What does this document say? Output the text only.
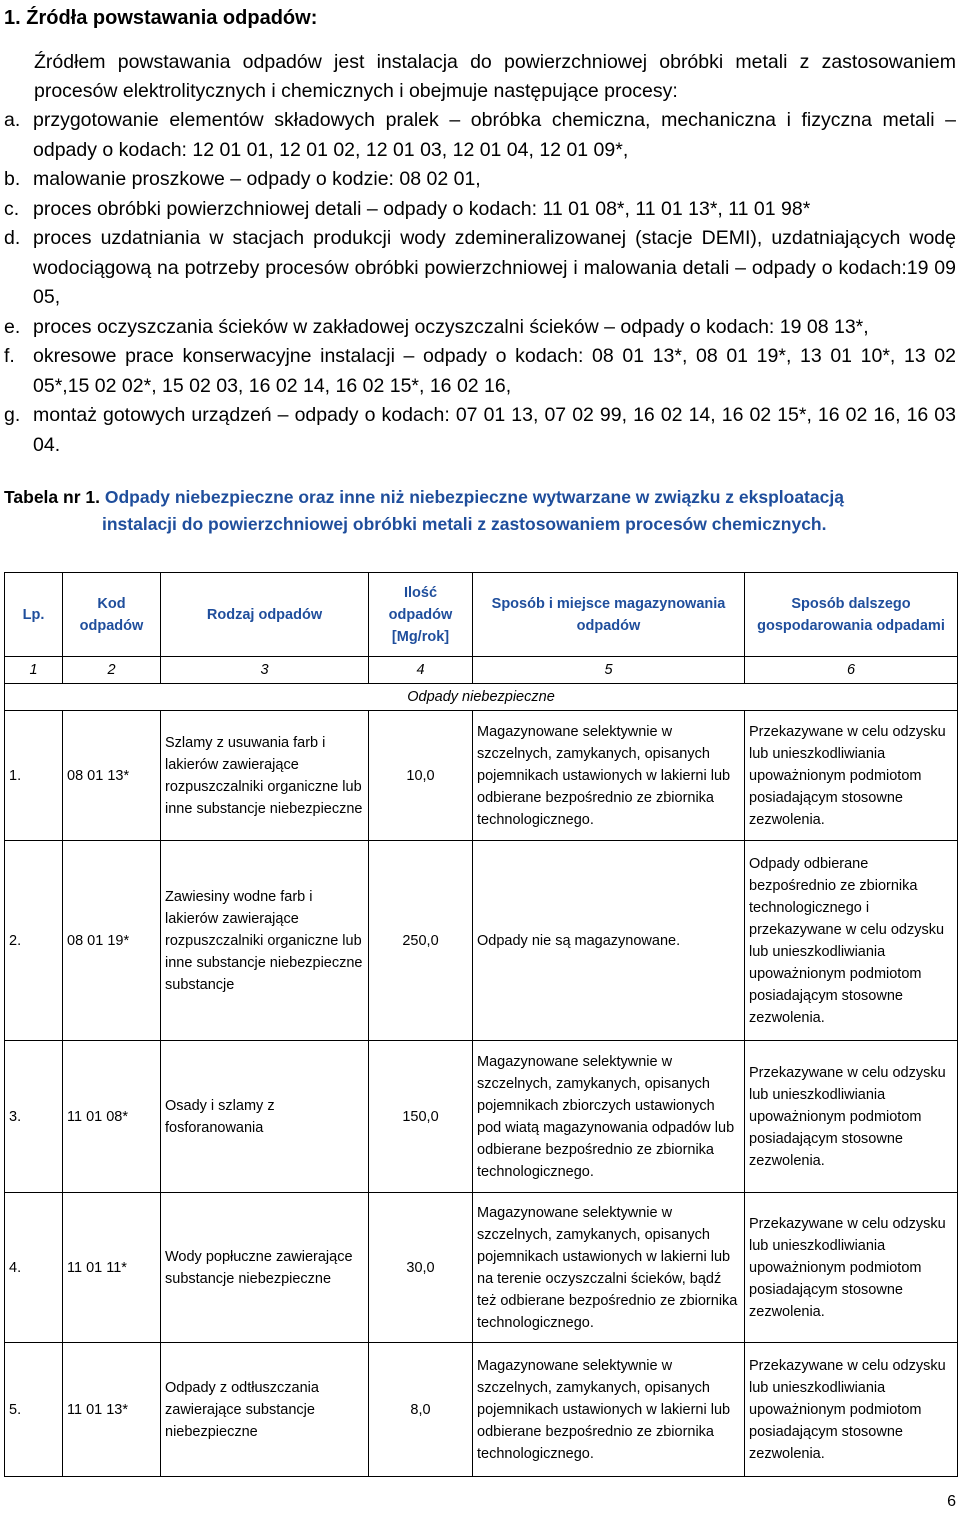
1. Źródła powstawania odpadów:

Źródłem powstawania odpadów jest instalacja do powierzchniowej obróbki metali z zastosowaniem procesów elektrolitycznych i chemicznych i obejmuje następujące procesy:

a. przygotowanie elementów składowych pralek – obróbka chemiczna, mechaniczna i fizyczna metali – odpady o kodach: 12 01 01, 12 01 02, 12 01 03, 12 01 04, 12 01 09*,
b. malowanie proszkowe – odpady o kodzie: 08 02 01,
c. proces obróbki powierzchniowej detali – odpady o kodach: 11 01 08*, 11 01 13*, 11 01 98*
d. proces uzdatniania w stacjach produkcji wody zdemineralizowanej (stacje DEMI), uzdatniających wodę wodociągową na potrzeby procesów obróbki powierzchniowej i malowania detali – odpady o kodach:19 09 05,
e. proces oczyszczania ścieków w zakładowej oczyszczalni ścieków – odpady o kodach: 19 08 13*,
f. okresowe prace konserwacyjne instalacji – odpady o kodach: 08 01 13*, 08 01 19*, 13 01 10*, 13 02 05*,15 02 02*, 15 02 03, 16 02 14, 16 02 15*, 16 02 16,
g. montaż gotowych urządzeń – odpady o kodach: 07 01 13, 07 02 99, 16 02 14, 16 02 15*, 16 02 16, 16 03 04.
Tabela nr 1. Odpady niebezpieczne oraz inne niż niebezpieczne wytwarzane w związku z eksploatacją
instalacji do powierzchniowej obróbki metali z zastosowaniem procesów chemicznych.
Lp.	Kod odpadów	Rodzaj odpadów	Ilość odpadów [Mg/rok]	Sposób i miejsce magazynowania odpadów	Sposób dalszego gospodarowania odpadami
1	2	3	4	5	6
Odpady niebezpieczne					
1.	08 01 13*	Szlamy z usuwania farb i lakierów zawierające rozpuszczalniki organiczne lub inne substancje niebezpieczne	10,0	Magazynowane selektywnie w szczelnych, zamykanych, opisanych pojemnikach ustawionych w lakierni lub odbierane bezpośrednio ze zbiornika technologicznego.	Przekazywane w celu odzysku lub unieszkodliwiania upoważnionym podmiotom posiadającym stosowne zezwolenia.
2.	08 01 19*	Zawiesiny wodne farb i lakierów zawierające rozpuszczalniki organiczne lub inne substancje niebezpieczne substancje	250,0	Odpady nie są magazynowane.	Odpady odbierane bezpośrednio ze zbiornika technologicznego i przekazywane w celu odzysku lub unieszkodliwiania upoważnionym podmiotom posiadającym stosowne zezwolenia.
3.	11 01 08*	Osady i szlamy z fosforanowania	150,0	Magazynowane selektywnie w szczelnych, zamykanych, opisanych pojemnikach zbiorczych ustawionych pod wiatą magazynowania odpadów lub odbierane bezpośrednio ze zbiornika technologicznego.	Przekazywane w celu odzysku lub unieszkodliwiania upoważnionym podmiotom posiadającym stosowne zezwolenia.
4.	11 01 11*	Wody popłuczne zawierające substancje niebezpieczne	30,0	Magazynowane selektywnie w szczelnych, zamykanych, opisanych pojemnikach ustawionych w lakierni lub na terenie oczyszczalni ścieków, bądź też odbierane bezpośrednio ze zbiornika technologicznego.	Przekazywane w celu odzysku lub unieszkodliwiania upoważnionym podmiotom posiadającym stosowne zezwolenia.
5.	11 01 13*	Odpady z odtłuszczania zawierające substancje niebezpieczne	8,0	Magazynowane selektywnie w szczelnych, zamykanych, opisanych pojemnikach ustawionych w lakierni lub odbierane bezpośrednio ze zbiornika technologicznego.	Przekazywane w celu odzysku lub unieszkodliwiania upoważnionym podmiotom posiadającym stosowne zezwolenia.
6
